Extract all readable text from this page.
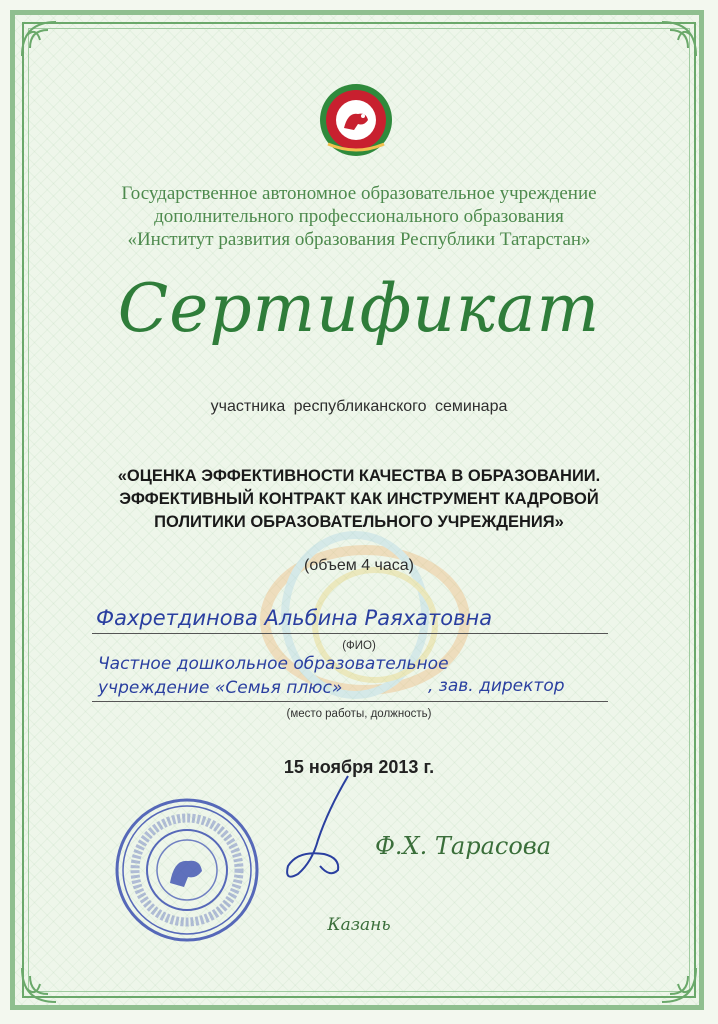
Государственное автономное образовательное учреждение
дополнительного профессионального образования
«Институт развития образования Республики Татарстан»
Сертификат
участника республиканского семинара
«ОЦЕНКА ЭФФЕКТИВНОСТИ КАЧЕСТВА В ОБРАЗОВАНИИ.
ЭФФЕКТИВНЫЙ КОНТРАКТ КАК ИНСТРУМЕНТ КАДРОВОЙ
ПОЛИТИКИ ОБРАЗОВАТЕЛЬНОГО УЧРЕЖДЕНИЯ»
(объем 4 часа)
Фахретдинова Альбина Раяхатовна
(ФИО)
Частное дошкольное образовательное
учреждение «Семья плюс»	, зав. директор
(место работы, должность)
15 ноября 2013 г.
Ф.Х. Тарасова
Казань
